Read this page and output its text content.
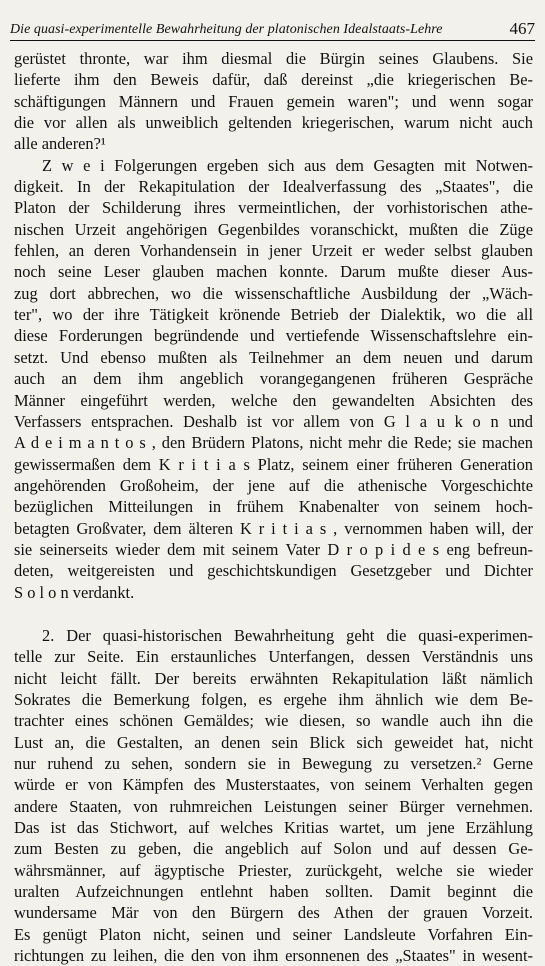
Die quasi-experimentelle Bewahrheitung der platonischen Idealstaats-Lehre	467
gerüstet thronte, war ihm diesmal die Bürgin seines Glaubens. Sie
lieferte ihm den Beweis dafür, daß dereinst „die kriegerischen Be-
schäftigungen Männern und Frauen gemein waren"; und wenn sogar
die vor allen als unweiblich geltenden kriegerischen, warum nicht auch
alle anderen?¹
Z w e i Folgerungen ergeben sich aus dem Gesagten mit Notwen-
digkeit. In der Rekapitulation der Idealverfassung des „Staates", die
Platon der Schilderung ihres vermeintlichen, der vorhistorischen athe-
nischen Urzeit angehörigen Gegenbildes voranschickt, mußten die Züge
fehlen, an deren Vorhandensein in jener Urzeit er weder selbst glauben
noch seine Leser glauben machen konnte. Darum mußte dieser Aus-
zug dort abbrechen, wo die wissenschaftliche Ausbildung der „Wäch-
ter", wo der ihre Tätigkeit krönende Betrieb der Dialektik, wo die all
diese Forderungen begründende und vertiefende Wissenschaftslehre ein-
setzt. Und ebenso mußten als Teilnehmer an dem neuen und darum
auch an dem ihm angeblich vorangegangenen früheren Gespräche
Männer eingeführt werden, welche den gewandelten Absichten des
Verfassers entsprachen. Deshalb ist vor allem von G l a u k o n und
A d e i m a n t o s , den Brüdern Platons, nicht mehr die Rede; sie machen
gewissermaßen dem K r i t i a s Platz, seinem einer früheren Generation
angehörenden Großoheim, der jene auf die athenische Vorgeschichte
bezüglichen Mitteilungen in frühem Knabenalter von seinem hoch-
betagten Großvater, dem älteren K r i t i a s , vernommen haben will, der
sie seinerseits wieder dem mit seinem Vater D r o p i d e s eng befreun-
deten, weitgereisten und geschichtskundigen Gesetzgeber und Dichter
S o l o n verdankt.
2. Der quasi-historischen Bewahrheitung geht die quasi-experimen-
telle zur Seite. Ein erstaunliches Unterfangen, dessen Verständnis uns
nicht leicht fällt. Der bereits erwähnten Rekapitulation läßt nämlich
Sokrates die Bemerkung folgen, es ergehe ihm ähnlich wie dem Be-
trachter eines schönen Gemäldes; wie diesen, so wandle auch ihn die
Lust an, die Gestalten, an denen sein Blick sich geweidet hat, nicht
nur ruhend zu sehen, sondern sie in Bewegung zu versetzen.² Gerne
würde er von Kämpfen des Musterstaates, von seinem Verhalten gegen
andere Staaten, von ruhmreichen Leistungen seiner Bürger vernehmen.
Das ist das Stichwort, auf welches Kritias wartet, um jene Erzählung
zum Besten zu geben, die angeblich auf Solon und auf dessen Ge-
währsmänner, auf ägyptische Priester, zurückgeht, welche sie wieder
uralten Aufzeichnungen entlehnt haben sollten. Damit beginnt die
wundersame Mär von den Bürgern des Athen der grauen Vorzeit.
Es genügt Platon nicht, seinen und seiner Landsleute Vorfahren Ein-
richtungen zu leihen, die den von ihm ersonnenen des „Staates" in wesent-
